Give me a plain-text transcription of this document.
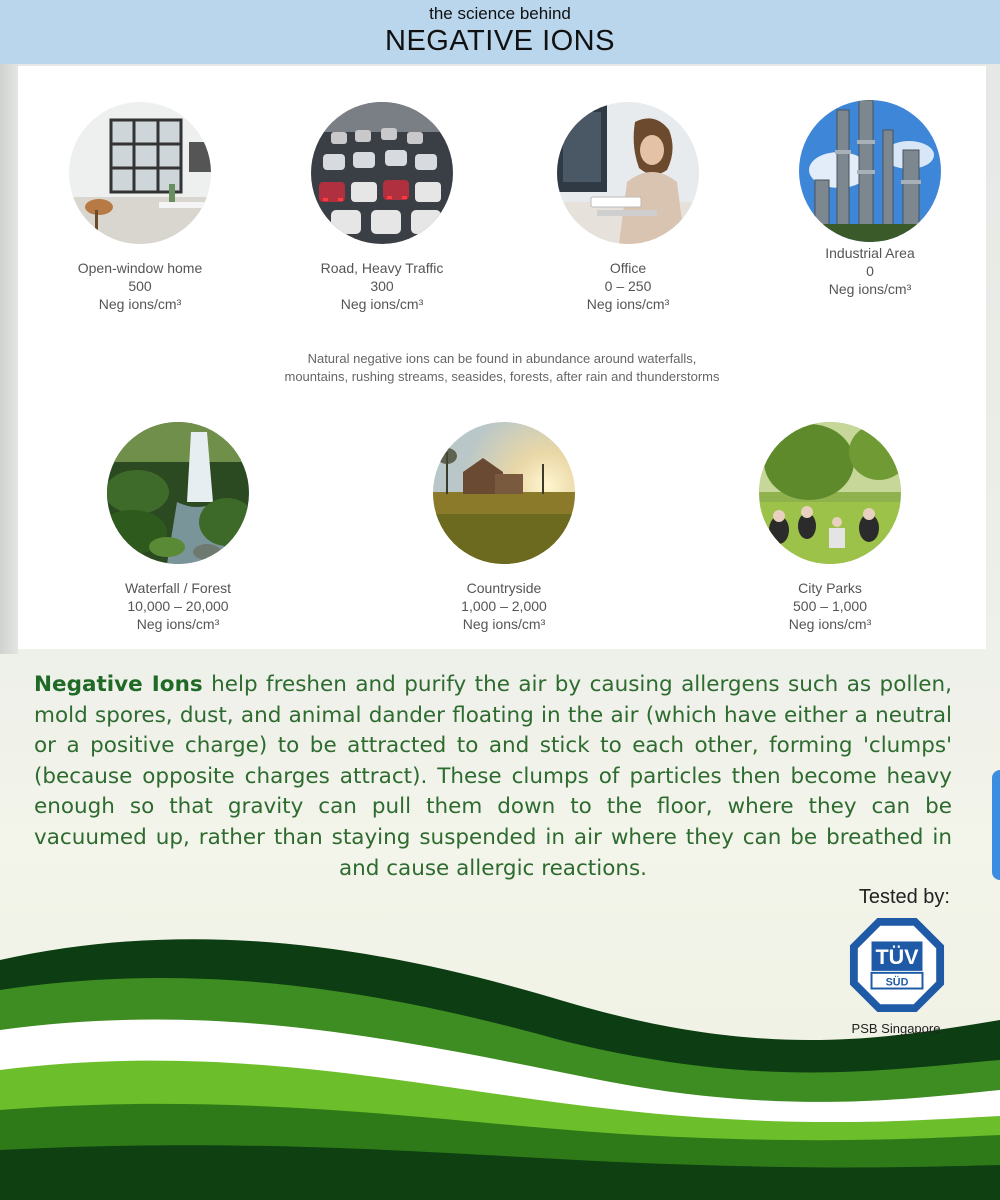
the science behind
NEGATIVE IONS
Open-window home
500
Neg ions/cm³
Road, Heavy Traffic
300
Neg ions/cm³
Office
0 – 250
Neg ions/cm³
Industrial Area
0
Neg ions/cm³
Natural negative ions can be found in abundance around waterfalls,
mountains, rushing streams, seasides, forests, after rain and thunderstorms
Waterfall / Forest
10,000 – 20,000
Neg ions/cm³
Countryside
1,000 – 2,000
Neg ions/cm³
City Parks
500 – 1,000
Neg ions/cm³
Negative Ions help freshen and purify the air by causing allergens such as pollen, mold spores, dust, and animal dander floating in the air (which have either a neutral or a positive charge) to be attracted to and stick to each other, forming 'clumps' (because opposite charges attract). These clumps of particles then become heavy enough so that gravity can pull them down to the floor, where they can be vacuumed up, rather than staying suspended in air where they can be breathed in and cause allergic reactions.
Tested by:
TÜV
SÜD
PSB Singapore
